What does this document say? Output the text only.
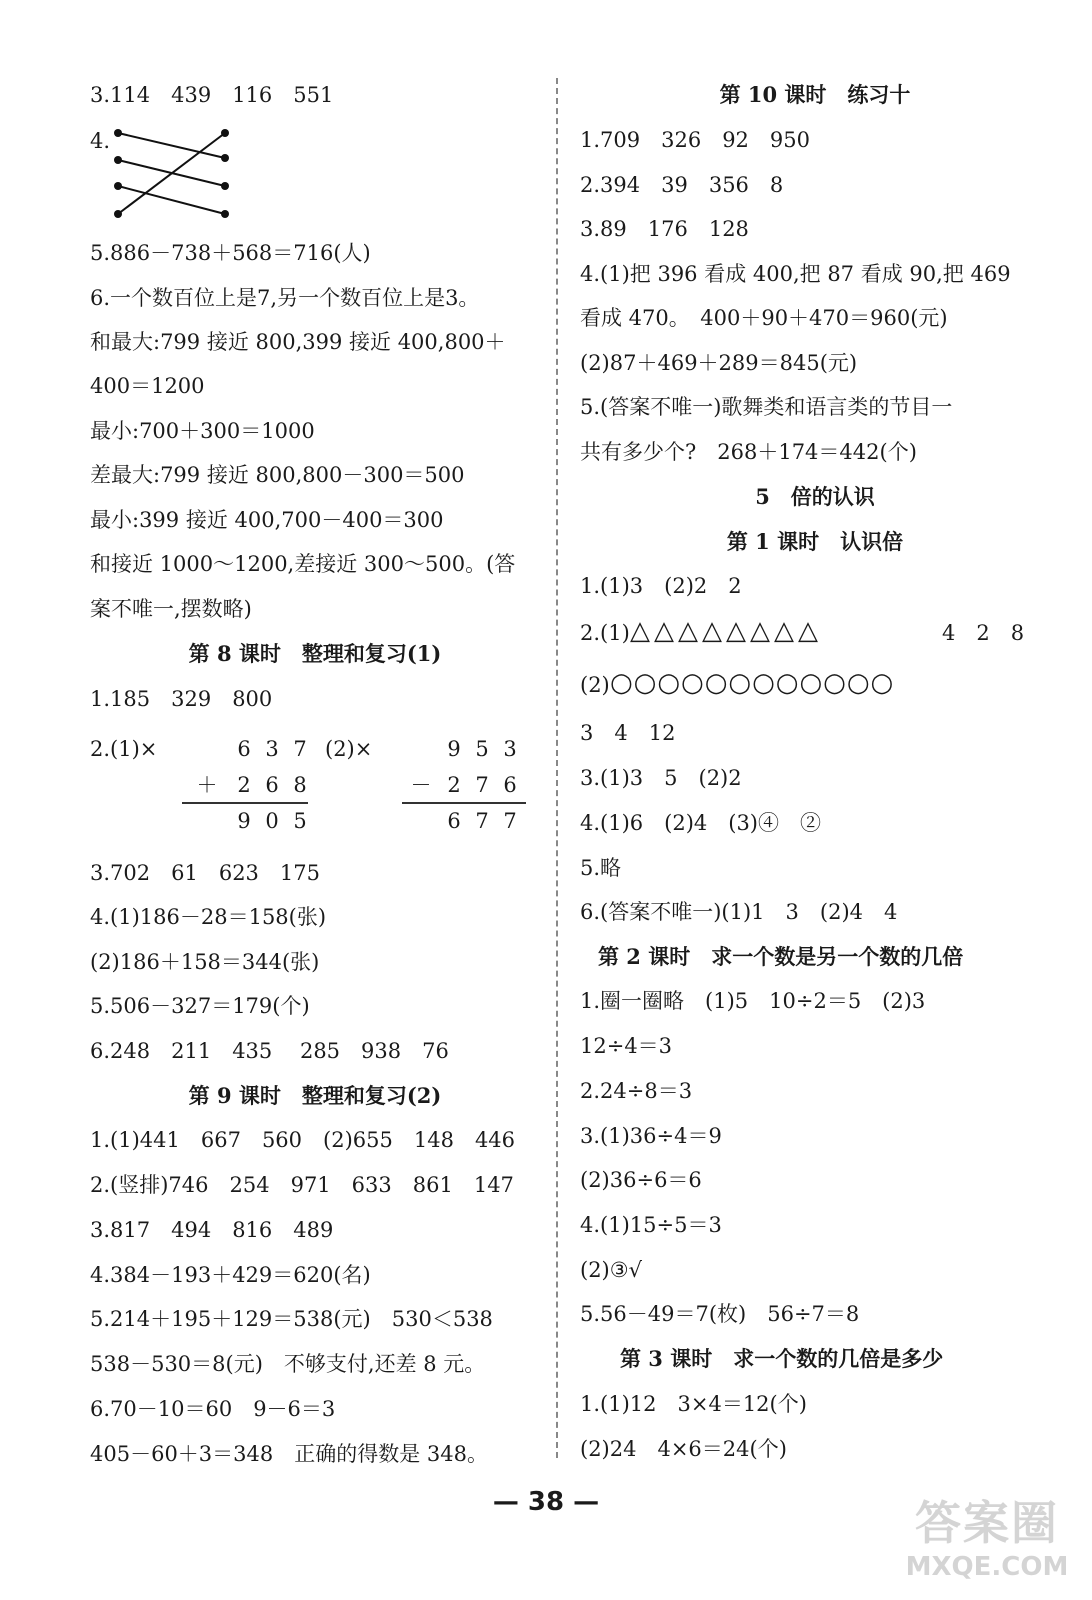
3.114　439　116　551
4.
5.886－738＋568＝716(人)
6.一个数百位上是7,另一个数百位上是3。
和最大:799 接近 800,399 接近 400,800＋
400＝1200
最小:700＋300＝1000
差最大:799 接近 800,800－300＝500
最小:399 接近 400,700－400＝300
和接近 1000～1200,差接近 300～500。(答
案不唯一,摆数略)
第 8 课时　整理和复习(1)
1.185　329　800
2.(1)×	6 3 7
＋ 2 6 8
9 0 5
(2)×	9 5 3
－ 2 7 6
6 7 7
3.702　61　623　175
4.(1)186－28＝158(张)
(2)186＋158＝344(张)
5.506－327＝179(个)
6.248　211　435　 285　938　76
第 9 课时　整理和复习(2)
1.(1)441　667　560　(2)655　148　446
2.(竖排)746　254　971　633　861　147
3.817　494　816　489
4.384－193＋429＝620(名)
5.214＋195＋129＝538(元)　530＜538
538－530＝8(元)　不够支付,还差 8 元。
6.70－10＝60　9－6＝3
405－60＋3＝348　正确的得数是 348。
第 10 课时　练习十
1.709　326　92　950
2.394　39　356　8
3.89　176　128
4.(1)把 396 看成 400,把 87 看成 90,把 469
看成 470。　400＋90＋470＝960(元)
(2)87＋469＋289＝845(元)
5.(答案不唯一)歌舞类和语言类的节目一
共有多少个?　268＋174＝442(个)
5　倍的认识
第 1 课时　认识倍
1.(1)3　(2)2　2
2.(1) △△△△△△△△	4　2　8
(2) ○○○○○○○○○○○○
3　4　12
3.(1)3　5　(2)2
4.(1)6　(2)4　(3)④　②
5.略
6.(答案不唯一)(1)1　3　(2)4　4
第 2 课时　求一个数是另一个数的几倍
1.圈一圈略　(1)5　10÷2＝5　(2)3
12÷4＝3
2.24÷8＝3
3.(1)36÷4＝9
(2)36÷6＝6
4.(1)15÷5＝3
(2)③√
5.56－49＝7(枚)　56÷7＝8
第 3 课时　求一个数的几倍是多少
1.(1)12　3×4＝12(个)
(2)24　4×6＝24(个)
— 38 —	答案圈
MXQE.COM
